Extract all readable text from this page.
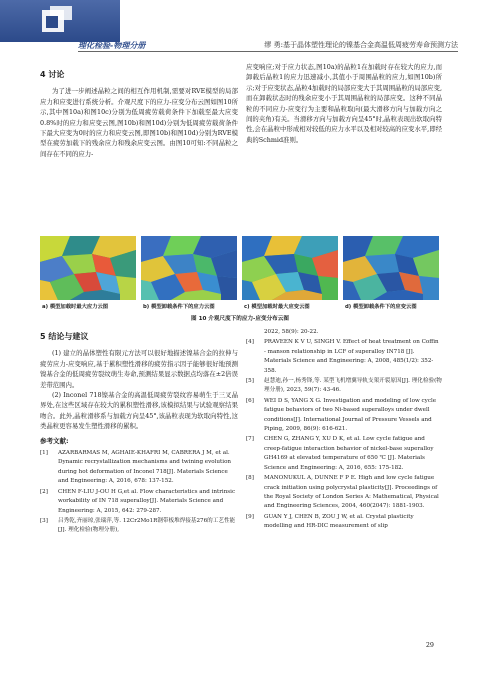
理化检验-物理分册	缪 勇:基于晶体塑性理论的镍基合金高温低周疲劳寿命预测方法
4 讨论

为了进一步阐述晶粒之间的相互作用机制,需要对RVE模型的局部应力和应变进行系统分析。介观尺度下的应力-应变分布云图如图10所示,其中图10a)和图10c)分别为低周疲劳载荷条件下加载至最大应变0.8%时的应力和应变云图,图10b)和图10d)分别为低周疲劳载荷条件下最大应变为0时的应力和应变云图,即图10b)和图10d)分别为RVE模型在疲劳加载下的残余应力和残余应变云图。由图10可知:不同晶粒之间存在不同的应力-

应变响应;对于应力状态,图10a)的晶粒1在加载时存在较大的应力,而卸载后晶粒1的应力迅速减小,其值小于周围晶粒的应力,如图10b)所示;对于应变状态,晶粒4加载时的局部应变大于其周围晶粒的局部应变,而在卸载状态时的残余应变小于其周围晶粒的局部应变。这种不同晶粒的不同应力-应变行为主要和晶粒取向(最大滑移方向与加载方向之间的夹角)有关。当滑移方向与加载方向呈45°时,晶粒表现出软取向特性,会在晶粒中形成相对较低的应力水平以及相对较高的应变水平,即经典的Schmid准则。

a) 模型加载时最大应力云图	b) 模型卸载条件下的应力云图	c) 模型加载时最大应变云图	d) 模型卸载条件下的应变云图
图 10 介观尺度下的应力-应变分布云图
5 结论与建议

(1) 建立的晶体塑性有限元方法可以很好地描述镍基合金的拉伸与疲劳应力-应变响应,基于累积塑性滑移的疲劳指示因子能够很好地预测镍基合金的低周疲劳裂纹萌生寿命,预测结果显示数据点均落在±2倍误差带范围内。

(2) Inconel 718镍基合金的高温低周疲劳裂纹容易萌生于三叉晶界处,在这些区域存在较大的累积塑性滑移,该模拟结果与试验观察结果吻合。此外,晶粒滑移系与加载方向呈45°,该晶粒表现为软取向特性,这类晶粒更容易发生塑性滑移的累积。

参考文献:
[1]	AZARBARMAS M, AGHAIE-KHAFRI M, CABRERA J M, et al. Dynamic recrystallization mechanisms and twining evolution during hot deformation of Inconel 718[J]. Materials Science and Engineering: A, 2016, 678: 137-152.
[2]	CHEN F-LIU J-OU H G,et al. Flow characteristics and intrinsic workability of IN 718 superalloy[J]. Materials Science and Engineering: A, 2015, 642: 279-287.
[3]	吕秀乾,齐丽琼,张瑞萍,等. 12Cr2Mo1R钢带板堆焊接基276的工艺性能[J]. 理化检验(物理分册),
2022, 58(9): 20-22.
[4]	PRAVEEN K V U, SINGH V. Effect of heat treatment on Coffin - manson relationship in LCF of superalloy IN718 [J]. Materials Science and Engineering: A, 2008, 485(1/2): 352-358.
[5]	赵慧迪,孙一,杨秀锋,等. 某型飞机增翼导轨支架开裂原因[J]. 理化检验(物理分册), 2023, 59(7): 43-46.
[6]	WEI D S, YANG X G. Investigation and modeling of low cycle fatigue behaviors of two Ni-based superalloys under dwell conditions[J]. International Journal of Pressure Vessels and Piping, 2009, 86(9): 616-621.
[7]	CHEN G, ZHANG Y, XU D K, et al. Low cycle fatigue and creep-fatigue interaction behavior of nickel-base superalloy GH4169 at elevated temperature of 650 ℃ [J]. Materials Science and Engineering: A, 2016, 655: 175-182.
[8]	MANONUKUL A, DUNNE F P E. High and low cycle fatigue crack initiation using polycrystal plasticity[J]. Proceedings of the Royal Society of London Series A: Mathematical, Physical and Engineering Sciences, 2004, 460(2047): 1881-1903.
[9]	GUAN Y J, CHEN B, ZOU J W, et al. Crystal plasticity modelling and HR-DIC measurement of slip
29
